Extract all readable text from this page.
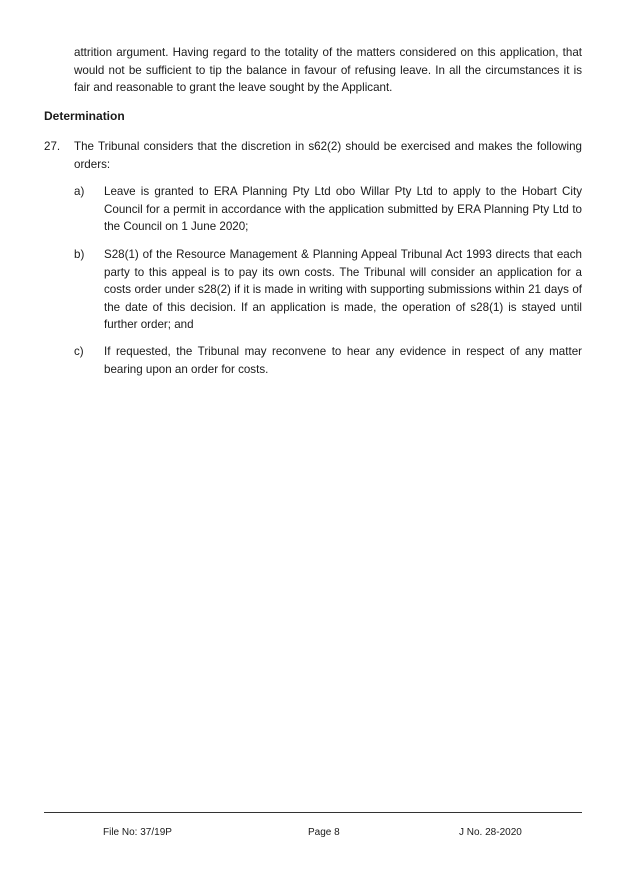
attrition argument. Having regard to the totality of the matters considered on this application, that would not be sufficient to tip the balance in favour of refusing leave. In all the circumstances it is fair and reasonable to grant the leave sought by the Applicant.
Determination
27. The Tribunal considers that the discretion in s62(2) should be exercised and makes the following orders:
a) Leave is granted to ERA Planning Pty Ltd obo Willar Pty Ltd to apply to the Hobart City Council for a permit in accordance with the application submitted by ERA Planning Pty Ltd to the Council on 1 June 2020;
b) S28(1) of the Resource Management & Planning Appeal Tribunal Act 1993 directs that each party to this appeal is to pay its own costs. The Tribunal will consider an application for a costs order under s28(2) if it is made in writing with supporting submissions within 21 days of the date of this decision. If an application is made, the operation of s28(1) is stayed until further order; and
c) If requested, the Tribunal may reconvene to hear any evidence in respect of any matter bearing upon an order for costs.
File No: 37/19P	Page 8	J No. 28-2020
